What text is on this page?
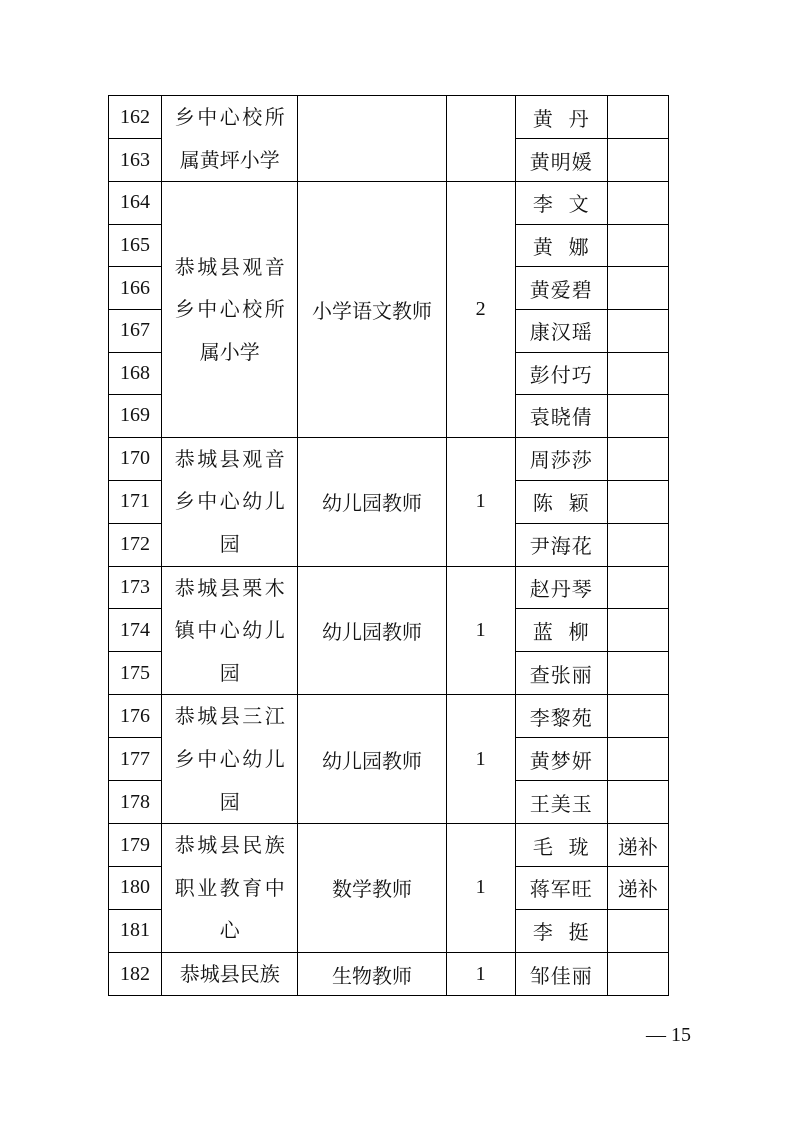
162	乡中心校所属黄坪小学			黄  丹	
163				黄明媛	
164	恭城县观音乡中心校所属小学	小学语文教师	2	李  文	
165				黄  娜	
166				黄爱碧	
167				康汉瑶	
168				彭付巧	
169				袁晓倩	
170	恭城县观音乡中心幼儿园	幼儿园教师	1	周莎莎	
171				陈  颖	
172				尹海花	
173	恭城县栗木镇中心幼儿园	幼儿园教师	1	赵丹琴	
174				蓝  柳	
175				查张丽	
176	恭城县三江乡中心幼儿园	幼儿园教师	1	李黎苑	
177				黄梦妍	
178				王美玉	
179	恭城县民族职业教育中心	数学教师	1	毛  珑	递补
180				蒋军旺	递补
181				李  挺	
182	恭城县民族	生物教师	1	邹佳丽	
— 15
